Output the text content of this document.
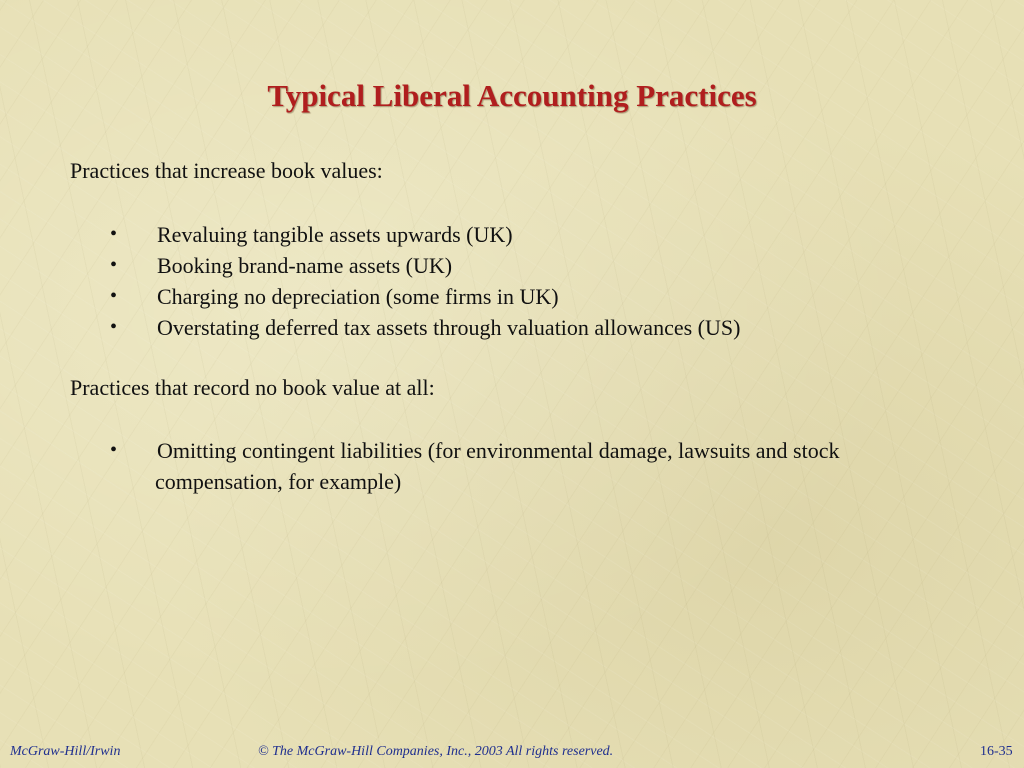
Typical Liberal Accounting Practices

Practices that increase book values:

•	Revaluing tangible assets upwards (UK)
•	Booking brand-name assets (UK)
•	Charging no depreciation (some firms in UK)
•	Overstating deferred tax assets through valuation allowances (US)

Practices that record no book value at all:

•	Omitting contingent liabilities (for environmental damage, lawsuits and stock
compensation, for example)

McGraw-Hill/Irwin	© The McGraw-Hill Companies, Inc., 2003 All rights reserved.	16-35
